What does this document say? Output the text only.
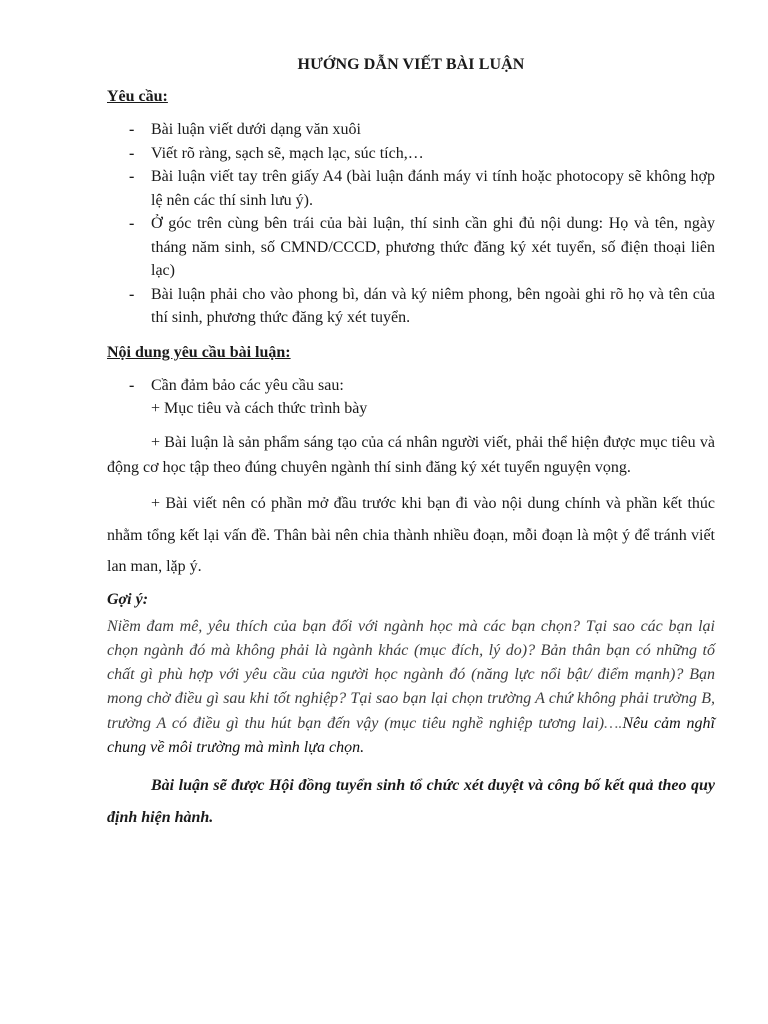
HƯỚNG DẪN VIẾT BÀI LUẬN
Yêu cầu:
- Bài luận viết dưới dạng văn xuôi
- Viết rõ ràng, sạch sẽ, mạch lạc, súc tích,…
- Bài luận viết tay trên giấy A4 (bài luận đánh máy vi tính hoặc photocopy sẽ không hợp lệ nên các thí sinh lưu ý).
- Ở góc trên cùng bên trái của bài luận, thí sinh cần ghi đủ nội dung: Họ và tên, ngày tháng năm sinh, số CMND/CCCD, phương thức đăng ký xét tuyển, số điện thoại liên lạc)
- Bài luận phải cho vào phong bì, dán và ký niêm phong, bên ngoài ghi rõ họ và tên của thí sinh, phương thức đăng ký xét tuyển.
Nội dung yêu cầu bài luận:
- Cần đảm bảo các yêu cầu sau:
+ Mục tiêu và cách thức trình bày

+ Bài luận là sản phẩm sáng tạo của cá nhân người viết, phải thể hiện được mục tiêu và động cơ học tập theo đúng chuyên ngành thí sinh đăng ký xét tuyển nguyện vọng.

+ Bài viết nên có phần mở đầu trước khi bạn đi vào nội dung chính và phần kết thúc nhằm tổng kết lại vấn đề. Thân bài nên chia thành nhiều đoạn, mỗi đoạn là một ý để tránh viết lan man, lặp ý.

Gợi ý:

Niềm đam mê, yêu thích của bạn đối với ngành học mà các bạn chọn? Tại sao các bạn lại chọn ngành đó mà không phải là ngành khác (mục đích, lý do)? Bản thân bạn có những tố chất gì phù hợp với yêu cầu của người học ngành đó (năng lực nổi bật/ điểm mạnh)? Bạn mong chờ điều gì sau khi tốt nghiệp? Tại sao bạn lại chọn trường A chứ không phải trường B, trường A có điều gì thu hút bạn đến vậy (mục tiêu nghề nghiệp tương lai)….Nêu cảm nghĩ chung về môi trường mà mình lựa chọn.

Bài luận sẽ được Hội đồng tuyển sinh tổ chức xét duyệt và công bố kết quả theo quy định hiện hành.
